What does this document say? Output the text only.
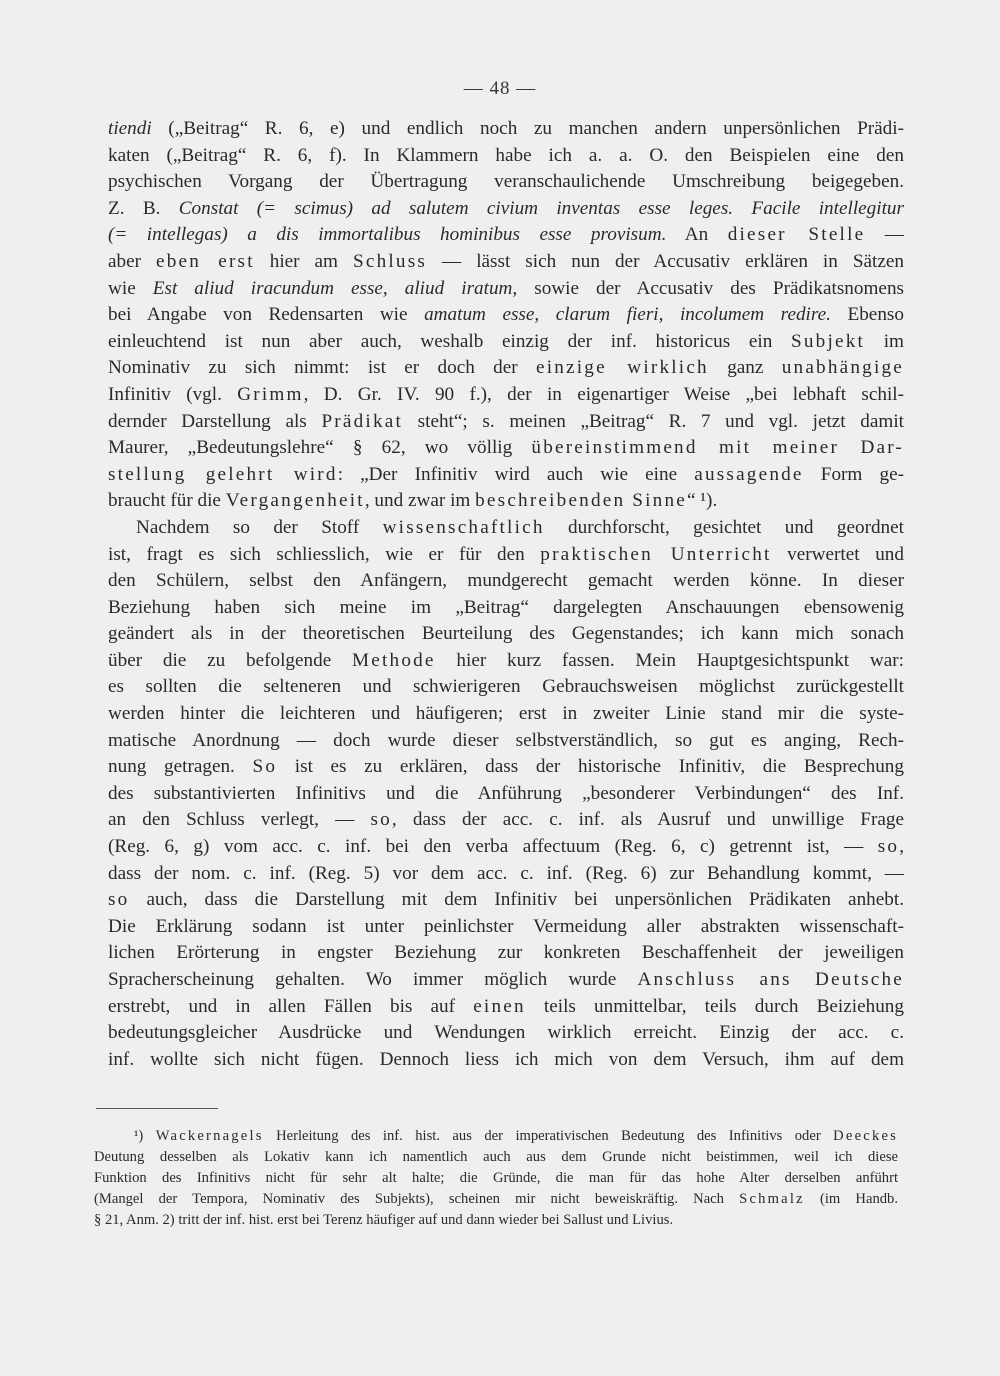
— 48 —
tiendi („Beitrag“ R. 6, e) und endlich noch zu manchen andern unpersönlichen Prädi-
katen („Beitrag“ R. 6, f). In Klammern habe ich a. a. O. den Beispielen eine den
psychischen Vorgang der Übertragung veranschaulichende Umschreibung beigegeben.
Z. B. Constat (= scimus) ad salutem civium inventas esse leges. Facile intellegitur
(= intellegas) a dis immortalibus hominibus esse provisum. An dieser Stelle —
aber eben erst hier am Schluss — lässt sich nun der Accusativ erklären in Sätzen
wie Est aliud iracundum esse, aliud iratum, sowie der Accusativ des Prädikatsnomens
bei Angabe von Redensarten wie amatum esse, clarum fieri, incolumem redire. Ebenso
einleuchtend ist nun aber auch, weshalb einzig der inf. historicus ein Subjekt im
Nominativ zu sich nimmt: ist er doch der einzige wirklich ganz unabhängige
Infinitiv (vgl. Grimm, D. Gr. IV. 90 f.), der in eigenartiger Weise „bei lebhaft schil-
dernder Darstellung als Prädikat steht“; s. meinen „Beitrag“ R. 7 und vgl. jetzt damit
Maurer, „Bedeutungslehre“ § 62, wo völlig übereinstimmend mit meiner Dar-
stellung gelehrt wird: „Der Infinitiv wird auch wie eine aussagende Form ge-
braucht für die Vergangenheit, und zwar im beschreibenden Sinne“ ¹).
Nachdem so der Stoff wissenschaftlich durchforscht, gesichtet und geordnet
ist, fragt es sich schliesslich, wie er für den praktischen Unterricht verwertet und
den Schülern, selbst den Anfängern, mundgerecht gemacht werden könne. In dieser
Beziehung haben sich meine im „Beitrag“ dargelegten Anschauungen ebensowenig
geändert als in der theoretischen Beurteilung des Gegenstandes; ich kann mich sonach
über die zu befolgende Methode hier kurz fassen. Mein Hauptgesichtspunkt war:
es sollten die selteneren und schwierigeren Gebrauchsweisen möglichst zurückgestellt
werden hinter die leichteren und häufigeren; erst in zweiter Linie stand mir die syste-
matische Anordnung — doch wurde dieser selbstverständlich, so gut es anging, Rech-
nung getragen. So ist es zu erklären, dass der historische Infinitiv, die Besprechung
des substantivierten Infinitivs und die Anführung „besonderer Verbindungen“ des Inf.
an den Schluss verlegt, — so, dass der acc. c. inf. als Ausruf und unwillige Frage
(Reg. 6, g) vom acc. c. inf. bei den verba affectuum (Reg. 6, c) getrennt ist, — so,
dass der nom. c. inf. (Reg. 5) vor dem acc. c. inf. (Reg. 6) zur Behandlung kommt, —
so auch, dass die Darstellung mit dem Infinitiv bei unpersönlichen Prädikaten anhebt.
Die Erklärung sodann ist unter peinlichster Vermeidung aller abstrakten wissenschaft-
lichen Erörterung in engster Beziehung zur konkreten Beschaffenheit der jeweiligen
Spracherscheinung gehalten. Wo immer möglich wurde Anschluss ans Deutsche
erstrebt, und in allen Fällen bis auf einen teils unmittelbar, teils durch Beiziehung
bedeutungsgleicher Ausdrücke und Wendungen wirklich erreicht. Einzig der acc. c.
inf. wollte sich nicht fügen. Dennoch liess ich mich von dem Versuch, ihm auf dem
¹) Wackernagels Herleitung des inf. hist. aus der imperativischen Bedeutung des Infinitivs oder Deeckes
Deutung desselben als Lokativ kann ich namentlich auch aus dem Grunde nicht beistimmen, weil ich diese
Funktion des Infinitivs nicht für sehr alt halte; die Gründe, die man für das hohe Alter derselben anführt
(Mangel der Tempora, Nominativ des Subjekts), scheinen mir nicht beweiskräftig. Nach Schmalz (im Handb.
§ 21, Anm. 2) tritt der inf. hist. erst bei Terenz häufiger auf und dann wieder bei Sallust und Livius.
